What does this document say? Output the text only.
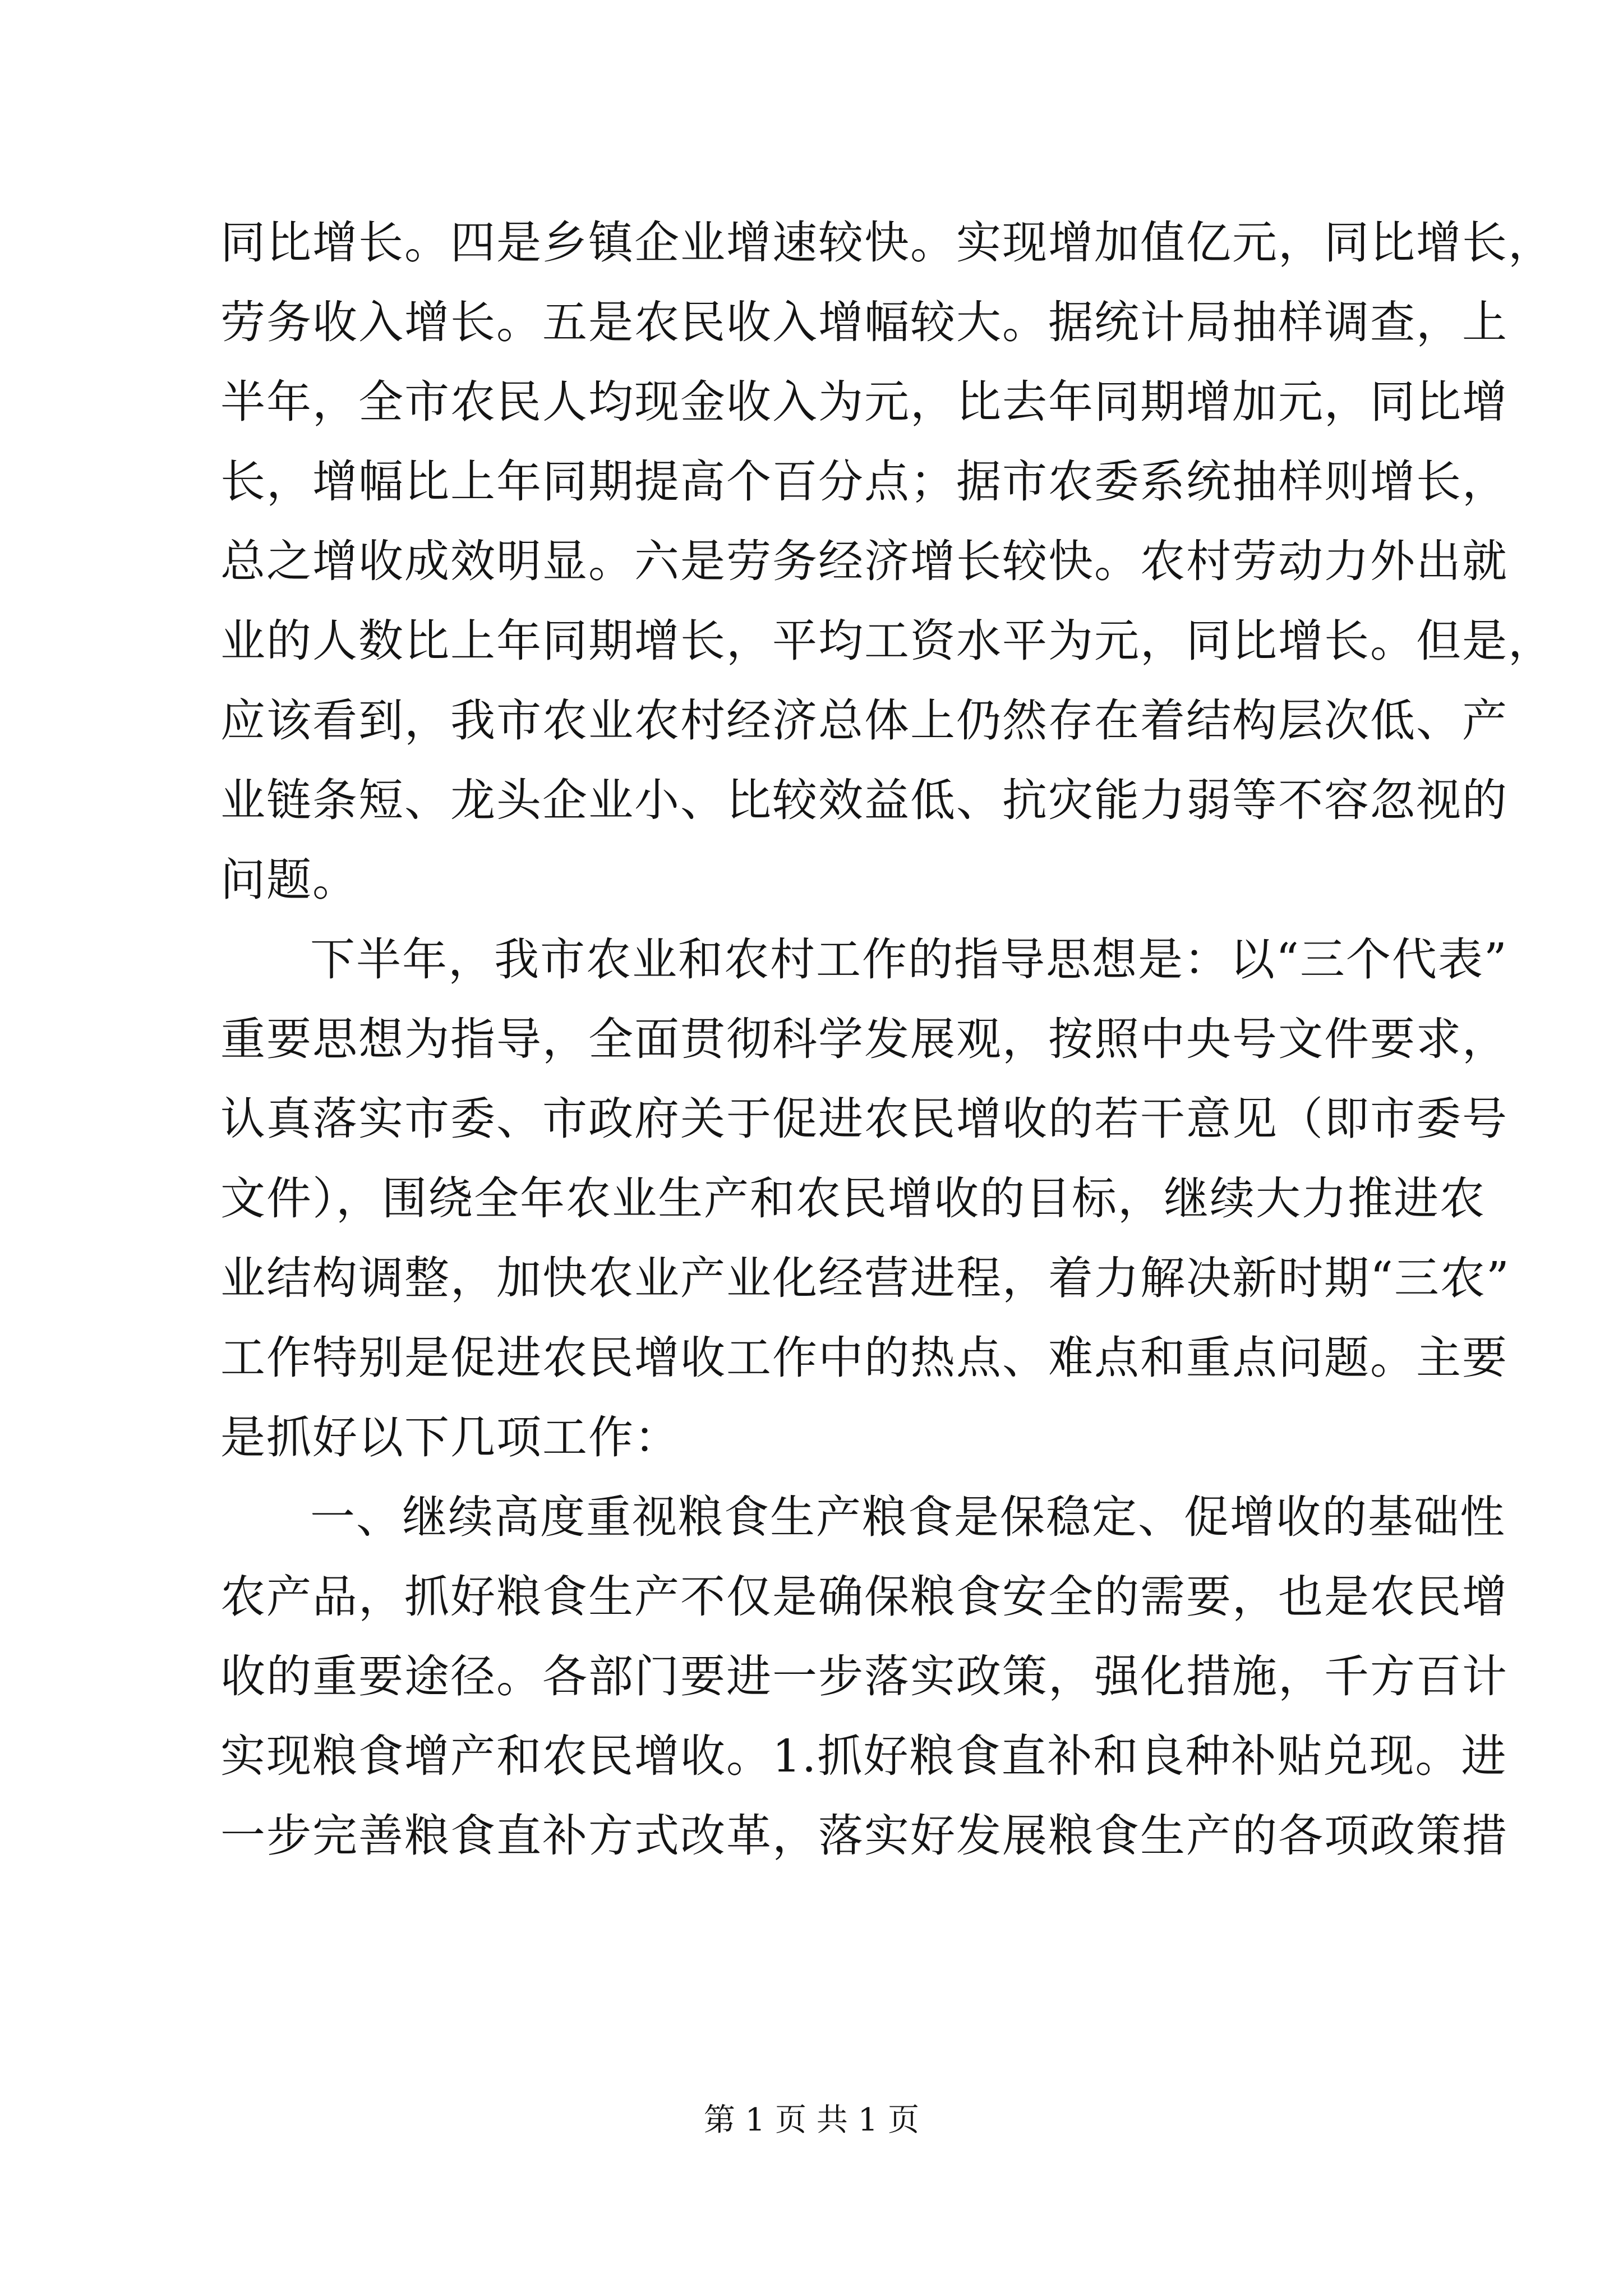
同比增长。四是乡镇企业增速较快。实现增加值亿元，同比增长，
劳务收入增长。五是农民收入增幅较大。据统计局抽样调查，上
半年，全市农民人均现金收入为元，比去年同期增加元，同比增
长，增幅比上年同期提高个百分点；据市农委系统抽样则增长，
总之增收成效明显。六是劳务经济增长较快。农村劳动力外出就
业的人数比上年同期增长，平均工资水平为元，同比增长。但是，
应该看到，我市农业农村经济总体上仍然存在着结构层次低、产
业链条短、龙头企业小、比较效益低、抗灾能力弱等不容忽视的
问题。
下半年，我市农业和农村工作的指导思想是：以“三个代表”
重要思想为指导，全面贯彻科学发展观，按照中央号文件要求，
认真落实市委、市政府关于促进农民增收的若干意见（即市委号
文件），围绕全年农业生产和农民增收的目标，继续大力推进农
业结构调整，加快农业产业化经营进程，着力解决新时期“三农”
工作特别是促进农民增收工作中的热点、难点和重点问题。主要
是抓好以下几项工作：
一、继续高度重视粮食生产粮食是保稳定、促增收的基础性
农产品，抓好粮食生产不仅是确保粮食安全的需要，也是农民增
收的重要途径。各部门要进一步落实政策，强化措施，千方百计
实现粮食增产和农民增收。1.抓好粮食直补和良种补贴兑现。进
一步完善粮食直补方式改革，落实好发展粮食生产的各项政策措
第 1 页 共 1 页
